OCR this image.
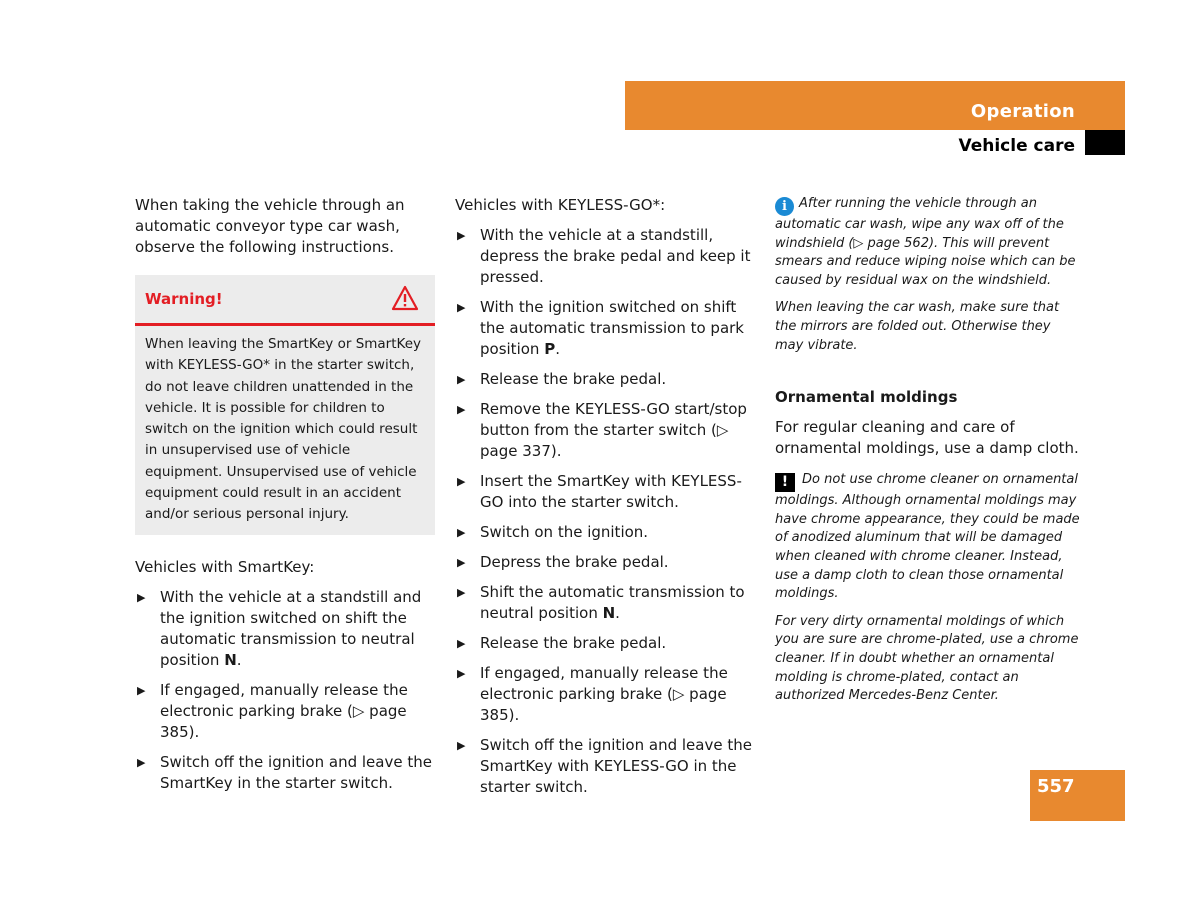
Operation
Vehicle care

When taking the vehicle through an automatic conveyor type car wash, observe the following instructions.

Warning!
When leaving the SmartKey or SmartKey with KEYLESS-GO* in the starter switch, do not leave children unattended in the vehicle. It is possible for children to switch on the ignition which could result in unsupervised use of vehicle equipment. Unsupervised use of vehicle equipment could result in an accident and/or serious personal injury.

Vehicles with SmartKey:

▶ With the vehicle at a standstill and the ignition switched on shift the automatic transmission to neutral position N.
▶ If engaged, manually release the electronic parking brake (▷ page 385).
▶ Switch off the ignition and leave the SmartKey in the starter switch.

Vehicles with KEYLESS-GO*:

▶ With the vehicle at a standstill, depress the brake pedal and keep it pressed.
▶ With the ignition switched on shift the automatic transmission to park position P.
▶ Release the brake pedal.
▶ Remove the KEYLESS-GO start/stop button from the starter switch (▷ page 337).
▶ Insert the SmartKey with KEYLESS-GO into the starter switch.
▶ Switch on the ignition.
▶ Depress the brake pedal.
▶ Shift the automatic transmission to neutral position N.
▶ Release the brake pedal.
▶ If engaged, manually release the electronic parking brake (▷ page 385).
▶ Switch off the ignition and leave the SmartKey with KEYLESS-GO in the starter switch.

i After running the vehicle through an automatic car wash, wipe any wax off of the windshield (▷ page 562). This will prevent smears and reduce wiping noise which can be caused by residual wax on the windshield.

When leaving the car wash, make sure that the mirrors are folded out. Otherwise they may vibrate.

Ornamental moldings

For regular cleaning and care of ornamental moldings, use a damp cloth.

! Do not use chrome cleaner on ornamental moldings. Although ornamental moldings may have chrome appearance, they could be made of anodized aluminum that will be damaged when cleaned with chrome cleaner. Instead, use a damp cloth to clean those ornamental moldings.

For very dirty ornamental moldings of which you are sure are chrome-plated, use a chrome cleaner. If in doubt whether an ornamental molding is chrome-plated, contact an authorized Mercedes-Benz Center.

557
